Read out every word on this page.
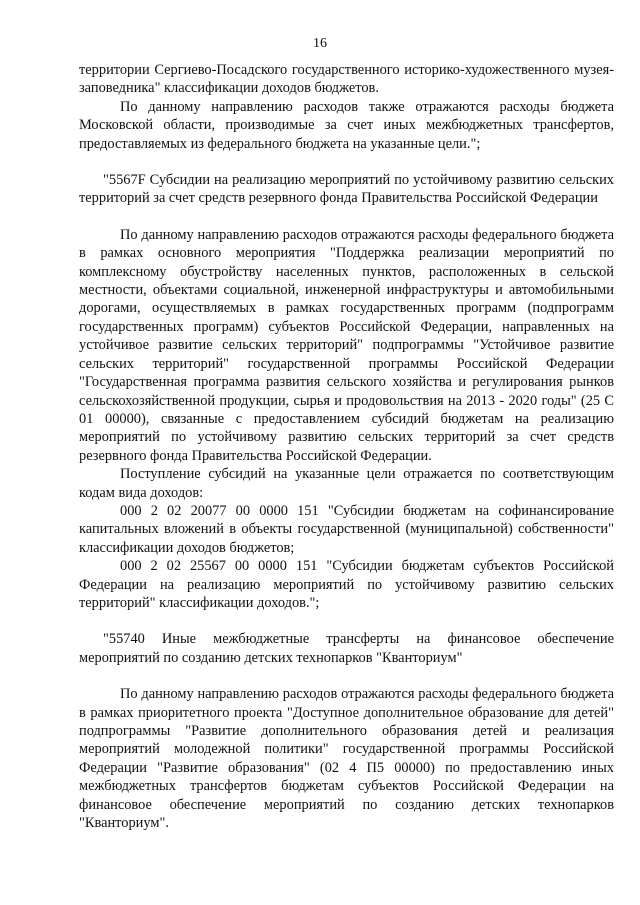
16

территории Сергиево-Посадского государственного историко-художественного музея-заповедника" классификации доходов бюджетов.

По данному направлению расходов также отражаются расходы бюджета Московской области, производимые за счет иных межбюджетных трансфертов, предоставляемых из федерального бюджета на указанные цели.";

"5567F Субсидии на реализацию мероприятий по устойчивому развитию сельских территорий за счет средств резервного фонда Правительства Российской Федерации

По данному направлению расходов отражаются расходы федерального бюджета в рамках основного мероприятия "Поддержка реализации мероприятий по комплексному обустройству населенных пунктов, расположенных в сельской местности, объектами социальной, инженерной инфраструктуры и автомобильными дорогами, осуществляемых в рамках государственных программ (подпрограмм государственных программ) субъектов Российской Федерации, направленных на устойчивое развитие сельских территорий" подпрограммы "Устойчивое развитие сельских территорий" государственной программы Российской Федерации "Государственная программа развития сельского хозяйства и регулирования рынков сельскохозяйственной продукции, сырья и продовольствия на 2013 - 2020 годы" (25 С 01 00000), связанные с предоставлением субсидий бюджетам на реализацию мероприятий по устойчивому развитию сельских территорий за счет средств резервного фонда Правительства Российской Федерации.

Поступление субсидий на указанные цели отражается по соответствующим кодам вида доходов:

000 2 02 20077 00 0000 151 "Субсидии бюджетам на софинансирование капитальных вложений в объекты государственной (муниципальной) собственности" классификации доходов бюджетов;

000 2 02 25567 00 0000 151 "Субсидии бюджетам субъектов Российской Федерации на реализацию мероприятий по устойчивому развитию сельских территорий" классификации доходов.";

"55740 Иные межбюджетные трансферты на финансовое обеспечение мероприятий по созданию детских технопарков "Кванториум"

По данному направлению расходов отражаются расходы федерального бюджета в рамках приоритетного проекта "Доступное дополнительное образование для детей" подпрограммы "Развитие дополнительного образования детей и реализация мероприятий молодежной политики" государственной программы Российской Федерации "Развитие образования" (02 4 П5 00000) по предоставлению иных межбюджетных трансфертов бюджетам субъектов Российской Федерации на финансовое обеспечение мероприятий по созданию детских технопарков "Кванториум".
